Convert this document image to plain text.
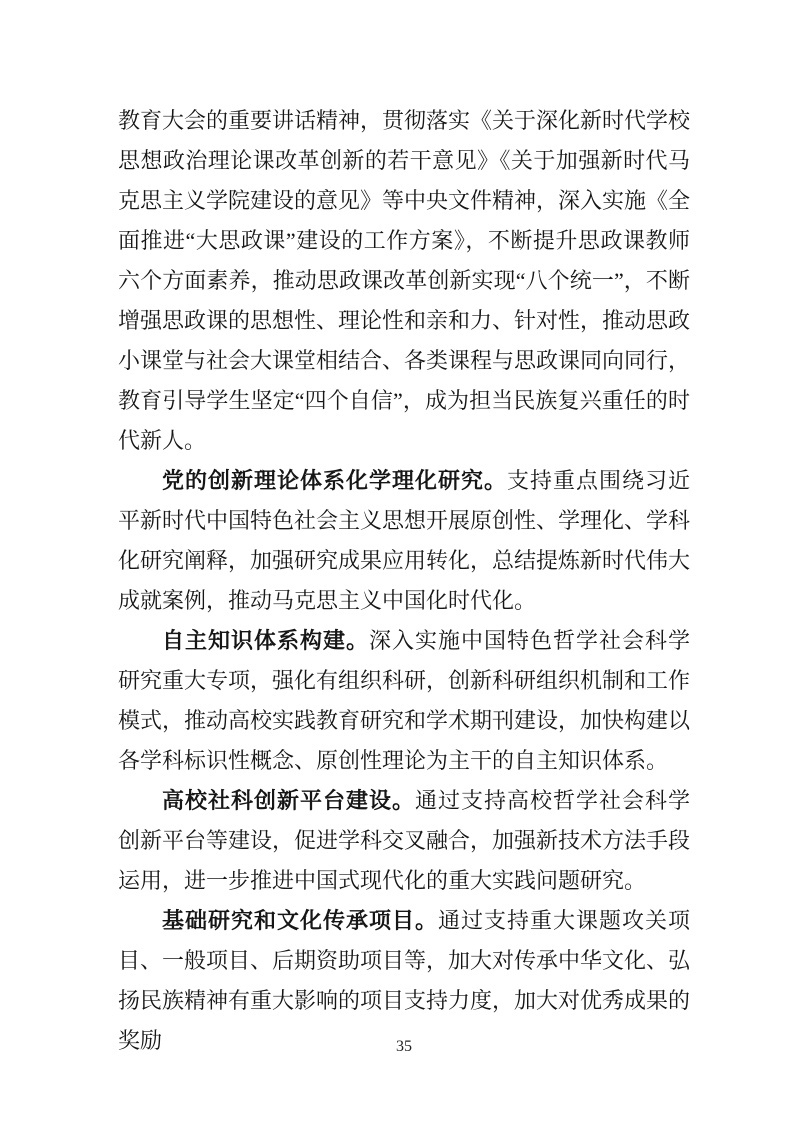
教育大会的重要讲话精神，贯彻落实《关于深化新时代学校思想政治理论课改革创新的若干意见》《关于加强新时代马克思主义学院建设的意见》等中央文件精神，深入实施《全面推进“大思政课”建设的工作方案》，不断提升思政课教师六个方面素养，推动思政课改革创新实现“八个统一”，不断增强思政课的思想性、理论性和亲和力、针对性，推动思政小课堂与社会大课堂相结合、各类课程与思政课同向同行，教育引导学生坚定“四个自信”，成为担当民族复兴重任的时代新人。

党的创新理论体系化学理化研究。支持重点围绕习近平新时代中国特色社会主义思想开展原创性、学理化、学科化研究阐释，加强研究成果应用转化，总结提炼新时代伟大成就案例，推动马克思主义中国化时代化。

自主知识体系构建。深入实施中国特色哲学社会科学研究重大专项，强化有组织科研，创新科研组织机制和工作模式，推动高校实践教育研究和学术期刊建设，加快构建以各学科标识性概念、原创性理论为主干的自主知识体系。

高校社科创新平台建设。通过支持高校哲学社会科学创新平台等建设，促进学科交叉融合，加强新技术方法手段运用，进一步推进中国式现代化的重大实践问题研究。

基础研究和文化传承项目。通过支持重大课题攻关项目、一般项目、后期资助项目等，加大对传承中华文化、弘扬民族精神有重大影响的项目支持力度，加大对优秀成果的奖励	35
